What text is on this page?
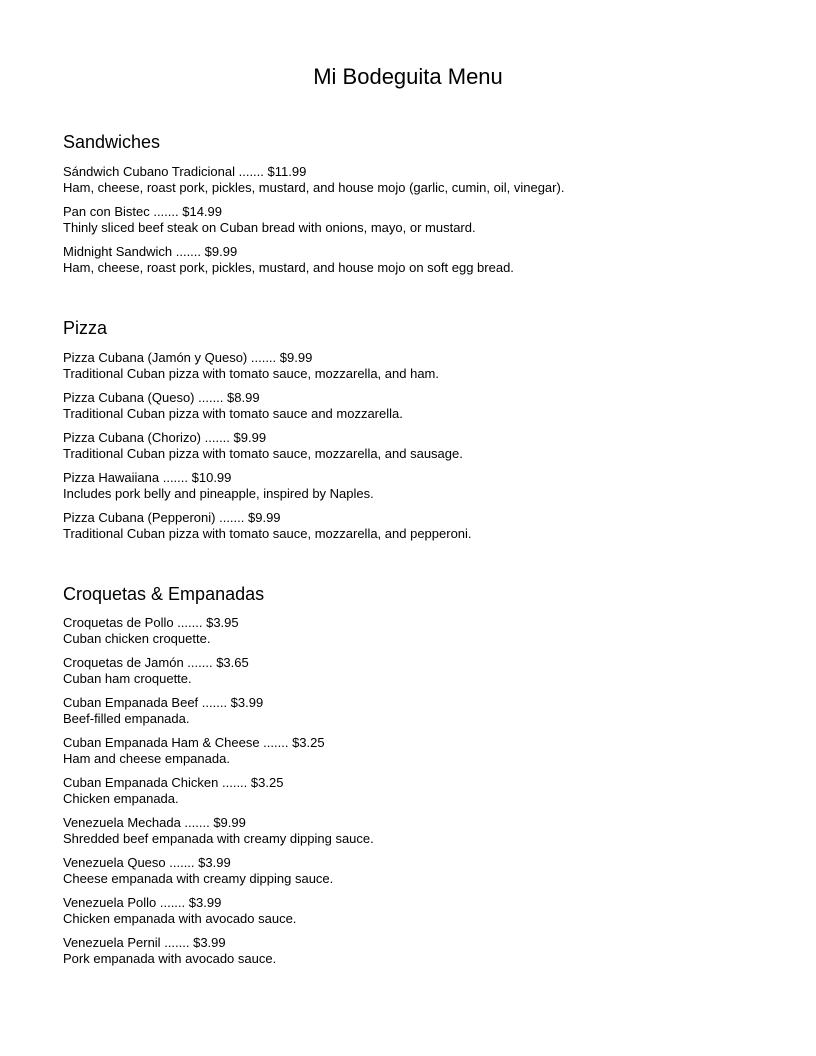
Mi Bodeguita Menu
Sandwiches

Sándwich Cubano Tradicional ....... $11.99

Ham, cheese, roast pork, pickles, mustard, and house mojo (garlic, cumin, oil, vinegar).

Pan con Bistec ....... $14.99

Thinly sliced beef steak on Cuban bread with onions, mayo, or mustard.

Midnight Sandwich ....... $9.99

Ham, cheese, roast pork, pickles, mustard, and house mojo on soft egg bread.

Pizza

Pizza Cubana (Jamón y Queso) ....... $9.99

Traditional Cuban pizza with tomato sauce, mozzarella, and ham.

Pizza Cubana (Queso) ....... $8.99

Traditional Cuban pizza with tomato sauce and mozzarella.

Pizza Cubana (Chorizo) ....... $9.99

Traditional Cuban pizza with tomato sauce, mozzarella, and sausage.

Pizza Hawaiiana ....... $10.99

Includes pork belly and pineapple, inspired by Naples.

Pizza Cubana (Pepperoni) ....... $9.99

Traditional Cuban pizza with tomato sauce, mozzarella, and pepperoni.

Croquetas & Empanadas

Croquetas de Pollo ....... $3.95

Cuban chicken croquette.

Croquetas de Jamón ....... $3.65

Cuban ham croquette.

Cuban Empanada Beef ....... $3.99

Beef-filled empanada.

Cuban Empanada Ham & Cheese ....... $3.25

Ham and cheese empanada.

Cuban Empanada Chicken ....... $3.25

Chicken empanada.

Venezuela Mechada ....... $9.99

Shredded beef empanada with creamy dipping sauce.

Venezuela Queso ....... $3.99

Cheese empanada with creamy dipping sauce.

Venezuela Pollo ....... $3.99

Chicken empanada with avocado sauce.

Venezuela Pernil ....... $3.99

Pork empanada with avocado sauce.
